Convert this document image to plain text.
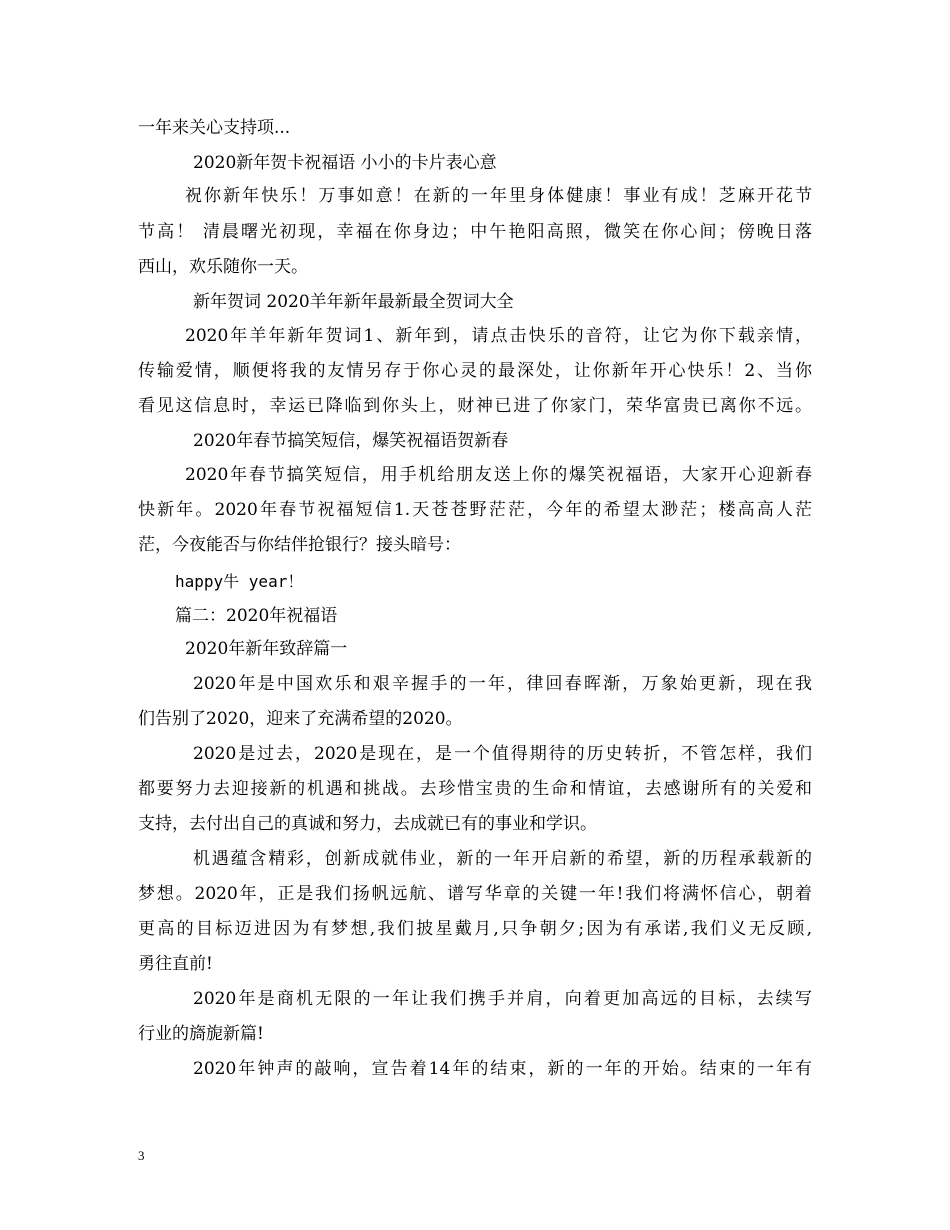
一年来关心支持项...
2020新年贺卡祝福语 小小的卡片表心意
祝你新年快乐！万事如意！在新的一年里身体健康！事业有成！芝麻开花节
节高！ 清晨曙光初现，幸福在你身边；中午艳阳高照，微笑在你心间；傍晚日落
西山，欢乐随你一天。
新年贺词 2020羊年新年最新最全贺词大全
2020年羊年新年贺词1、新年到，请点击快乐的音符，让它为你下载亲情，
传输爱情，顺便将我的友情另存于你心灵的最深处，让你新年开心快乐！2、当你
看见这信息时，幸运已降临到你头上，财神已进了你家门，荣华富贵已离你不远。
2020年春节搞笑短信，爆笑祝福语贺新春
2020年春节搞笑短信，用手机给朋友送上你的爆笑祝福语，大家开心迎新春
快新年。2020年春节祝福短信1.天苍苍野茫茫，今年的希望太渺茫；楼高高人茫
茫，今夜能否与你结伴抢银行？接头暗号：
happy牛 year！
篇二：2020年祝福语
2020年新年致辞篇一
2020年是中国欢乐和艰辛握手的一年，律回春晖渐，万象始更新，现在我
们告别了2020，迎来了充满希望的2020。
2020是过去，2020是现在，是一个值得期待的历史转折，不管怎样，我们
都要努力去迎接新的机遇和挑战。去珍惜宝贵的生命和情谊，去感谢所有的关爱和
支持，去付出自己的真诚和努力，去成就已有的事业和学识。
机遇蕴含精彩，创新成就伟业，新的一年开启新的希望，新的历程承载新的
梦想。2020年，正是我们扬帆远航、谱写华章的关键一年!我们将满怀信心，朝着
更高的目标迈进因为有梦想,我们披星戴月,只争朝夕;因为有承诺,我们义无反顾,
勇往直前!
2020年是商机无限的一年让我们携手并肩，向着更加高远的目标，去续写
行业的旖旎新篇!
2020年钟声的敲响，宣告着14年的结束，新的一年的开始。结束的一年有
3
